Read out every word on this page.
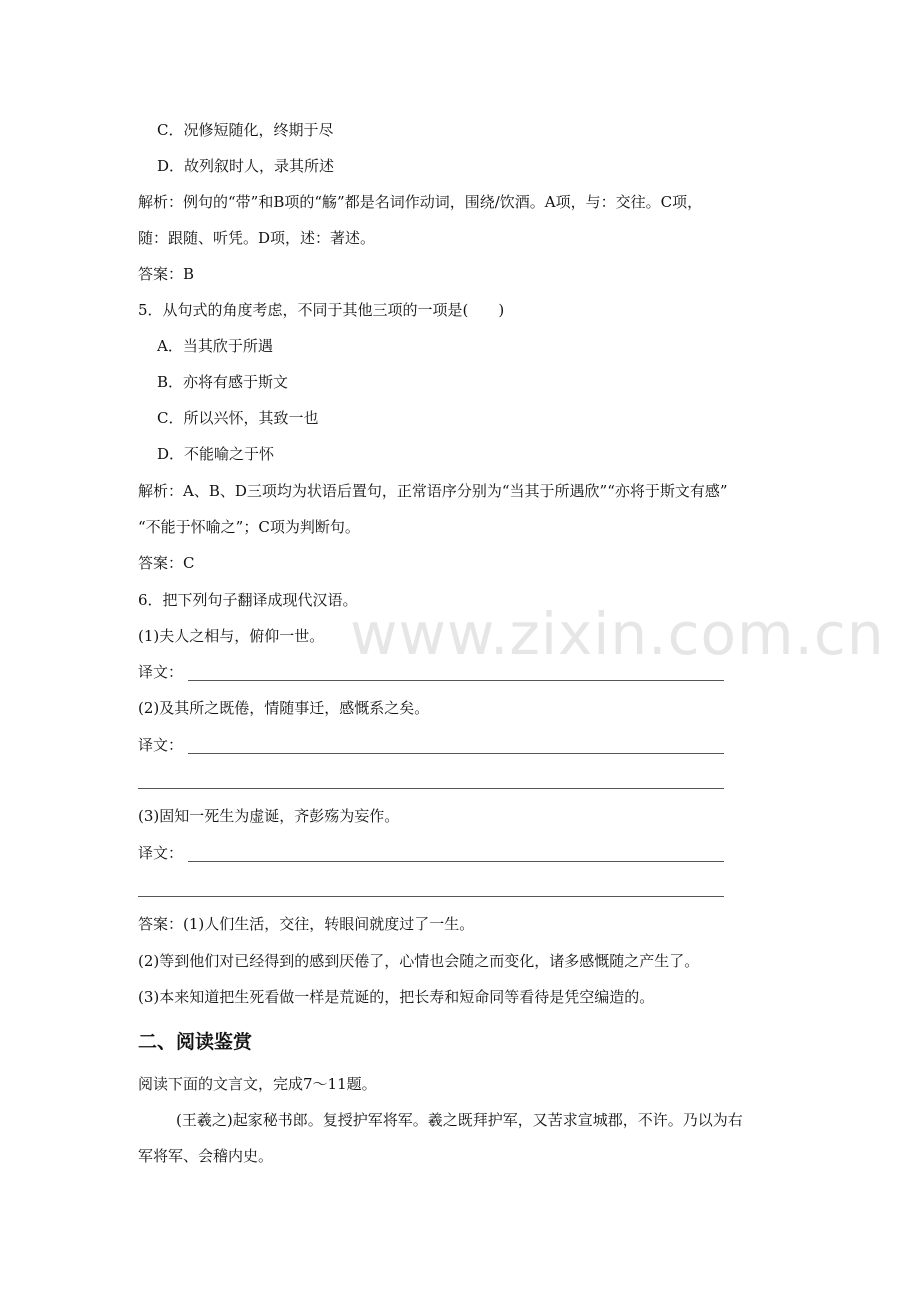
www.zixin.com.cn
C．况修短随化，终期于尽
D．故列叙时人，录其所述
解析：例句的“带”和B项的“觞”都是名词作动词，围绕/饮酒。A项，与：交往。C项，
随：跟随、听凭。D项，述：著述。
答案：B
5．从句式的角度考虑，不同于其他三项的一项是(　　)
A．当其欣于所遇
B．亦将有感于斯文
C．所以兴怀，其致一也
D．不能喻之于怀
解析：A、B、D三项均为状语后置句，正常语序分别为“当其于所遇欣”“亦将于斯文有感”
“不能于怀喻之”；C项为判断句。
答案：C
6．把下列句子翻译成现代汉语。
(1)夫人之相与，俯仰一世。
译文：
(2)及其所之既倦，情随事迁，感慨系之矣。
译文：
(3)固知一死生为虚诞，齐彭殇为妄作。
译文：
答案：(1)人们生活，交往，转眼间就度过了一生。
(2)等到他们对已经得到的感到厌倦了，心情也会随之而变化，诸多感慨随之产生了。
(3)本来知道把生死看做一样是荒诞的，把长寿和短命同等看待是凭空编造的。
二、阅读鉴赏
阅读下面的文言文，完成7～11题。
(王羲之)起家秘书郎。复授护军将军。羲之既拜护军，又苦求宣城郡，不许。乃以为右
军将军、会稽内史。
